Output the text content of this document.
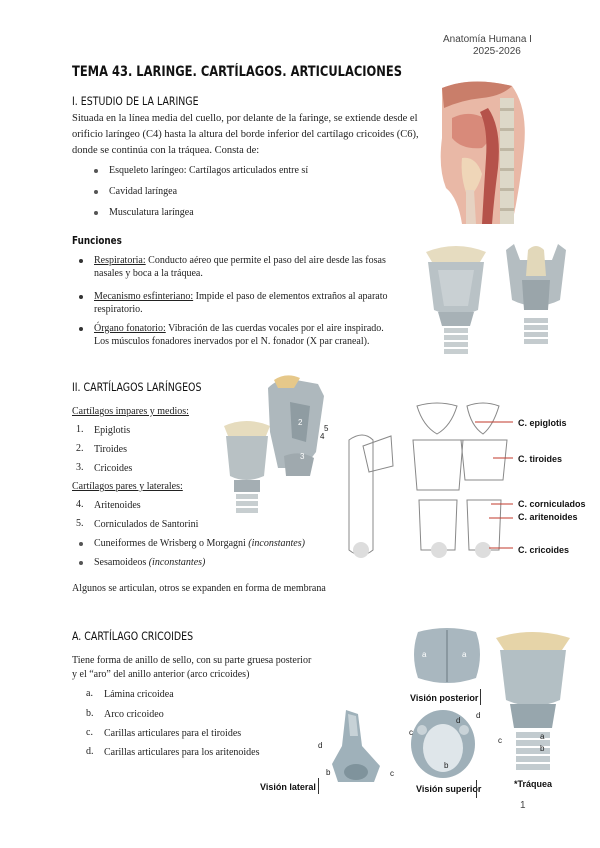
Anatomía Humana I
2025-2026
TEMA 43. LARINGE. CARTÍLAGOS. ARTICULACIONES
I. ESTUDIO DE LA LARINGE
Situada en la línea media del cuello, por delante de la faringe, se extiende desde el
orificio laríngeo (C4) hasta la altura del borde inferior del cartílago cricoides (C6),
donde se continúa con la tráquea. Consta de:
Esqueleto laríngeo: Cartílagos articulados entre sí
Cavidad laríngea
Musculatura laríngea
Funciones
Respiratoria: Conducto aéreo que permite el paso del aire desde las fosas
nasales y boca a la tráquea.
Mecanismo esfinteriano: Impide el paso de elementos extraños al aparato
respiratorio.
Órgano fonatorio: Vibración de las cuerdas vocales por el aire inspirado.
Los músculos fonadores inervados por el N. fonador (X par craneal).
II. CARTÍLAGOS LARÍNGEOS
Cartílagos impares y medios:
1. Epiglotis
2. Tiroides
3. Cricoides
Cartílagos pares y laterales:
4. Aritenoides
5. Corniculados de Santorini
Cuneiformes de Wrisberg o Morgagni (inconstantes)
Sesamoideos (inconstantes)
Algunos se articulan, otros se expanden en forma de membrana
2
5
4
3
C. epiglotis
C. tiroides
C. corniculados
C. aritenoides
C. cricoides
A. CARTÍLAGO CRICOIDES
Tiene forma de anillo de sello, con su parte gruesa posterior
y el “aro” del anillo anterior (arco cricoides)
a. Lámina cricoidea
b. Arco cricoideo
c. Carillas articulares para el tiroides
d. Carillas articulares para los aritenoides
a	a
Visión posterior
c
d
d
b
Visión superior
d
b	c
Visión lateral
c	a
b
*Tráquea
1
